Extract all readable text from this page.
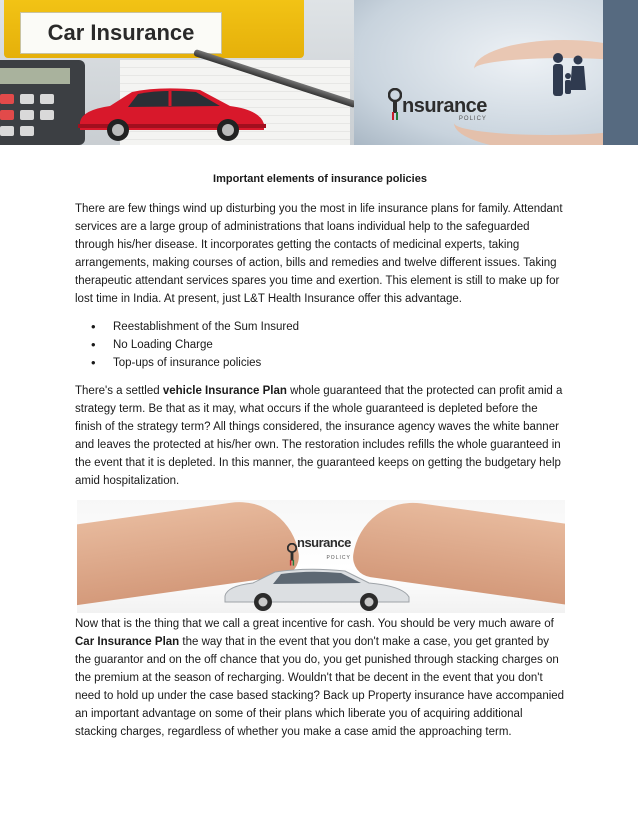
Car Insurance
nsurance
POLICY
Important elements of insurance policies

There are few things wind up disturbing you the most in life insurance plans for family. Attendant services are a large group of administrations that loans individual help to the safeguarded through his/her disease. It incorporates getting the contacts of medicinal experts, taking arrangements, making courses of action, bills and remedies and twelve different issues. Taking therapeutic attendant services spares you time and exertion. This element is still to make up for lost time in India. At present, just L&T Health Insurance offer this advantage.

• Reestablishment of the Sum Insured
• No Loading Charge
• Top-ups of insurance policies

There's a settled vehicle Insurance Plan whole guaranteed that the protected can profit amid a strategy term. Be that as it may, what occurs if the whole guaranteed is depleted before the finish of the strategy term? All things considered, the insurance agency waves the white banner and leaves the protected at his/her own. The restoration includes refills the whole guaranteed in the event that it is depleted. In this manner, the guaranteed keeps on getting the budgetary help amid hospitalization.

nsurance
POLICY

Now that is the thing that we call a great incentive for cash. You should be very much aware of Car Insurance Plan the way that in the event that you don't make a case, you get granted by the guarantor and on the off chance that you do, you get punished through stacking charges on the premium at the season of recharging. Wouldn't that be decent in the event that you don't need to hold up under the case based stacking? Back up Property insurance have accompanied an important advantage on some of their plans which liberate you of acquiring additional stacking charges, regardless of whether you make a case amid the approaching term.
